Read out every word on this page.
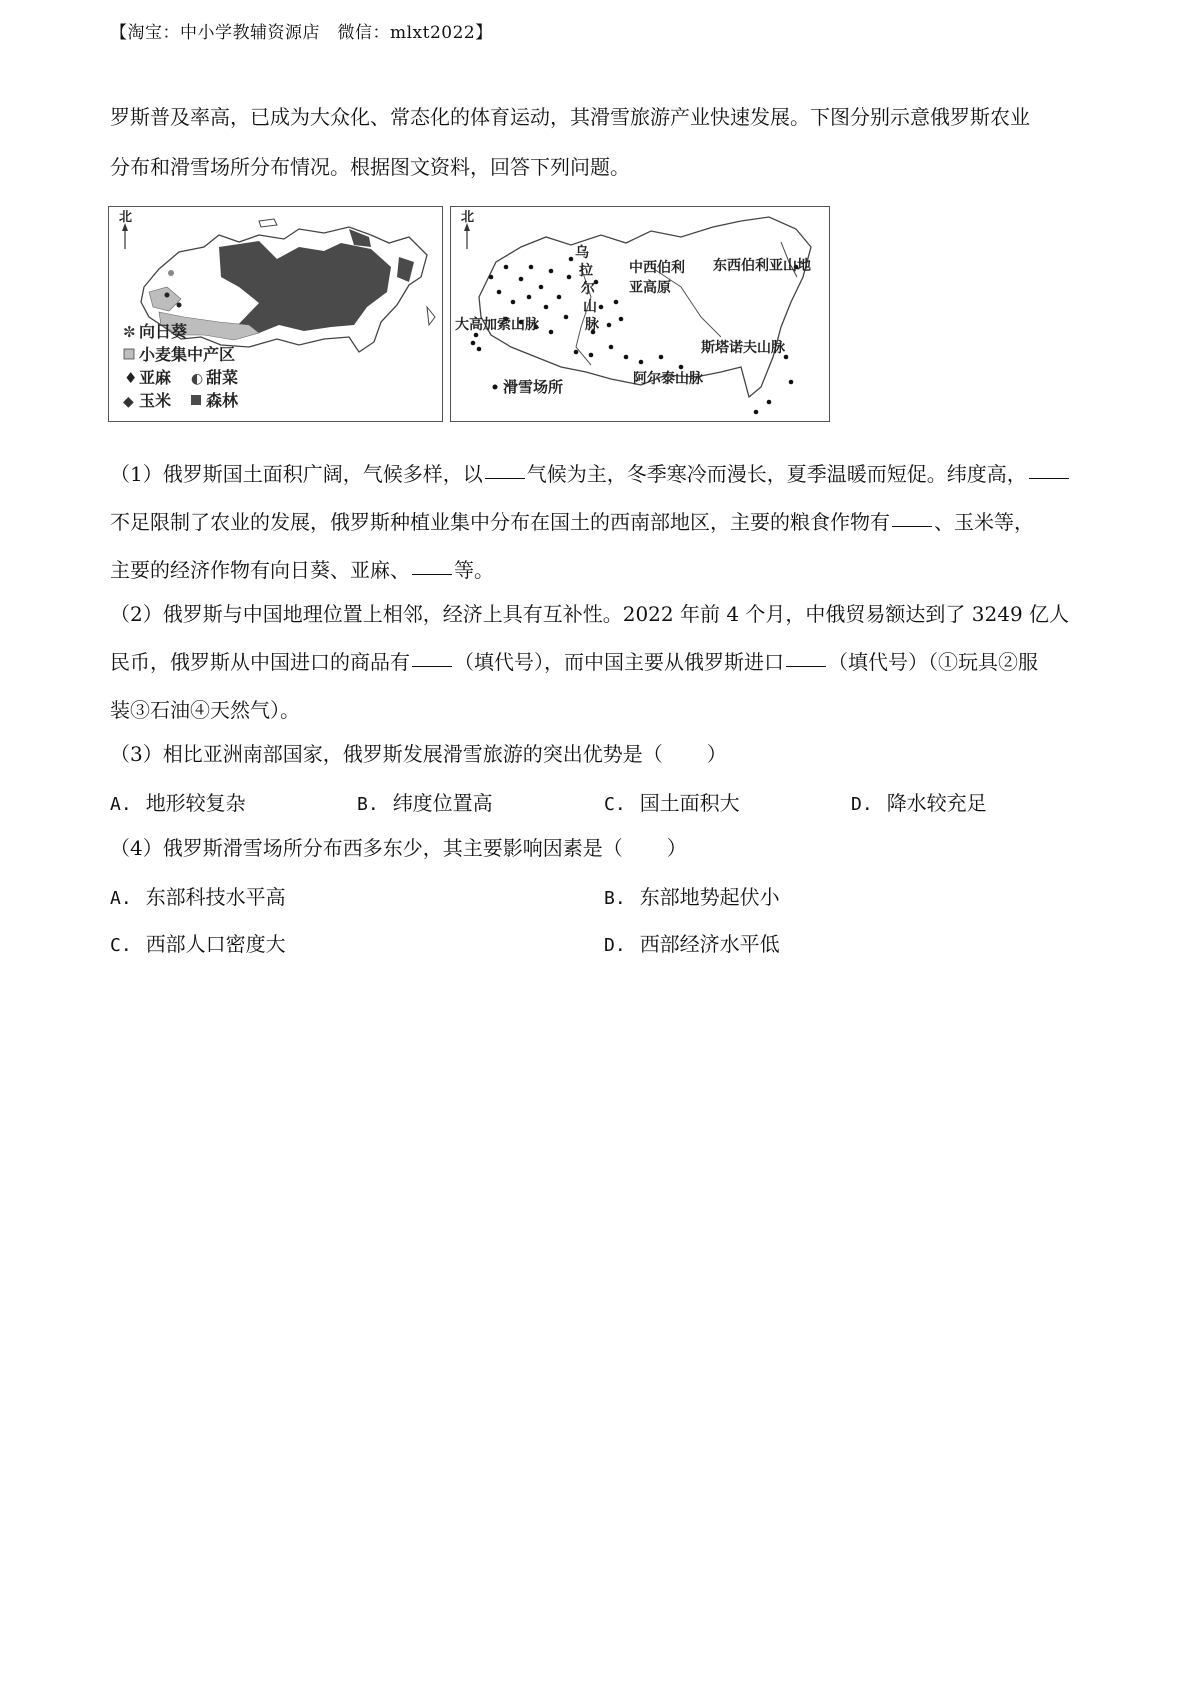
【淘宝：中小学教辅资源店　微信：mlxt2022】

罗斯普及率高，已成为大众化、常态化的体育运动，其滑雪旅游产业快速发展。下图分别示意俄罗斯农业
分布和滑雪场所分布情况。根据图文资料，回答下列问题。

北
✼ 向日葵
小麦集中产区
♦ 亚麻 ◐ 甜菜
◆ 玉米 森林
北
乌
拉
尔
山
脉
中西伯利
亚高原
东西伯利亚山地
大高加索山脉
斯塔诺夫山脉
阿尔泰山脉
滑雪场所
（1）俄罗斯国土面积广阔，气候多样，以 气候为主，冬季寒冷而漫长，夏季温暖而短促。纬度高，
不足限制了农业的发展，俄罗斯种植业集中分布在国土的西南部地区，主要的粮食作物有 、玉米等，
主要的经济作物有向日葵、亚麻、 等。
（2）俄罗斯与中国地理位置上相邻，经济上具有互补性。2022 年前 4 个月，中俄贸易额达到了 3249 亿人
民币，俄罗斯从中国进口的商品有 （填代号），而中国主要从俄罗斯进口 （填代号）（①玩具②服
装③石油④天然气）。
（3）相比亚洲南部国家，俄罗斯发展滑雪旅游的突出优势是（ ）
A. 地形较复杂	B. 纬度位置高	C. 国土面积大	D. 降水较充足
（4）俄罗斯滑雪场所分布西多东少，其主要影响因素是（ ）
A. 东部科技水平高	B. 东部地势起伏小
C. 西部人口密度大	D. 西部经济水平低
